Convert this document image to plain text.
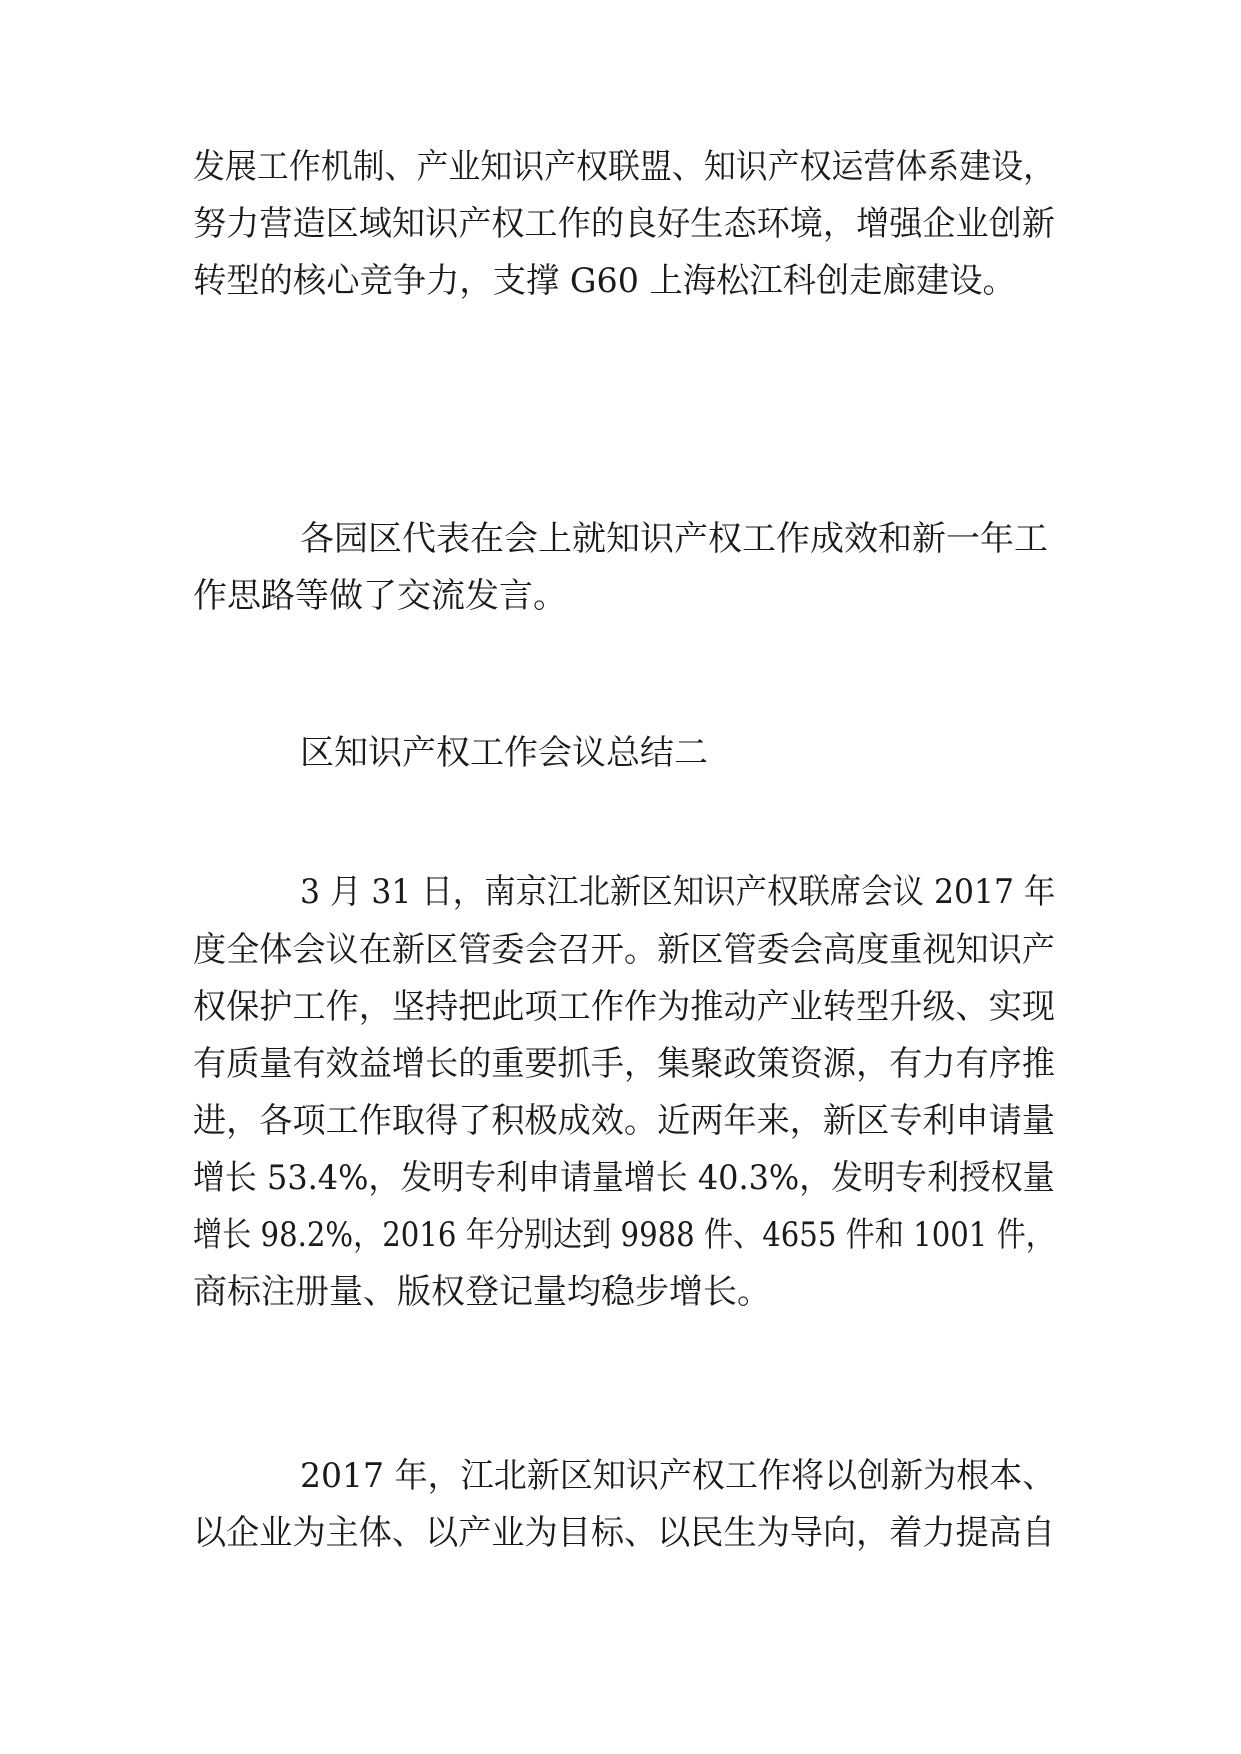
发展工作机制、产业知识产权联盟、知识产权运营体系建设，
努力营造区域知识产权工作的良好生态环境，增强企业创新
转型的核心竞争力，支撑 G60 上海松江科创走廊建设。
各园区代表在会上就知识产权工作成效和新一年工
作思路等做了交流发言。
区知识产权工作会议总结二
3 月 31 日，南京江北新区知识产权联席会议 2017 年
度全体会议在新区管委会召开。新区管委会高度重视知识产
权保护工作，坚持把此项工作作为推动产业转型升级、实现
有质量有效益增长的重要抓手，集聚政策资源，有力有序推
进，各项工作取得了积极成效。近两年来，新区专利申请量
增长 53.4%，发明专利申请量增长 40.3%，发明专利授权量
增长 98.2%，2016 年分别达到 9988 件、4655 件和 1001 件，
商标注册量、版权登记量均稳步增长。
2017 年，江北新区知识产权工作将以创新为根本、
以企业为主体、以产业为目标、以民生为导向，着力提高自
